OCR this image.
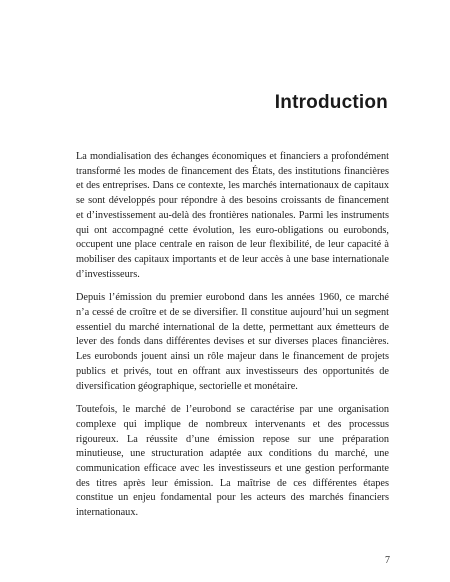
Introduction

La mondialisation des échanges économiques et financiers a profondément transformé les modes de financement des États, des institutions financières et des entreprises. Dans ce contexte, les marchés internationaux de capitaux se sont développés pour répondre à des besoins croissants de financement et d’investissement au-delà des frontières nationales. Parmi les instruments qui ont accompagné cette évolution, les euro-obligations ou eurobonds, occupent une place centrale en raison de leur flexibilité, de leur capacité à mobiliser des capitaux importants et de leur accès à une base internationale d’investisseurs.

Depuis l’émission du premier eurobond dans les années 1960, ce marché n’a cessé de croître et de se diversifier. Il constitue aujourd’hui un segment essentiel du marché international de la dette, permettant aux émetteurs de lever des fonds dans différentes devises et sur diverses places financières. Les eurobonds jouent ainsi un rôle majeur dans le financement de projets publics et privés, tout en offrant aux investisseurs des opportunités de diversification géographique, sectorielle et monétaire.

Toutefois, le marché de l’eurobond se caractérise par une organisation complexe qui implique de nombreux intervenants et des processus rigoureux. La réussite d’une émission repose sur une préparation minutieuse, une structuration adaptée aux conditions du marché, une communication efficace avec les investisseurs et une gestion performante des titres après leur émission. La maîtrise de ces différentes étapes constitue un enjeu fondamental pour les acteurs des marchés financiers internationaux.

7
